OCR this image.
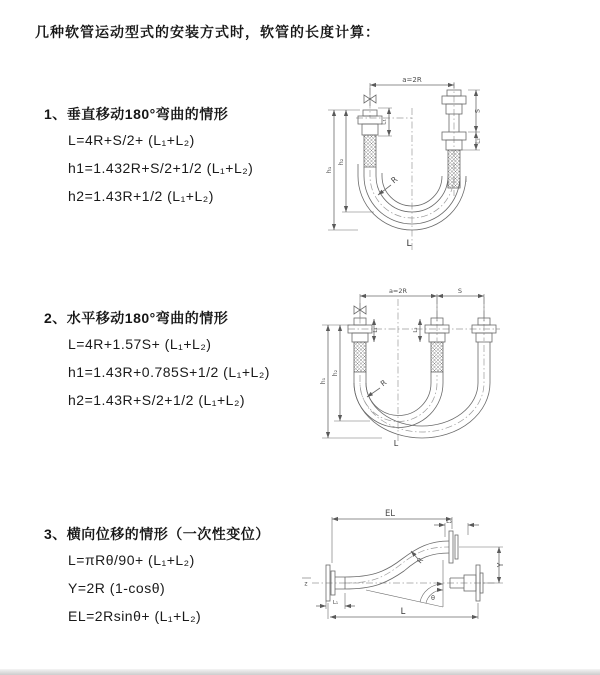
几种软管运动型式的安装方式时，软管的长度计算：
1、垂直移动180°弯曲的情形
L=4R+S/2+ (L₁+L₂)
h1=1.432R+S/2+1/2 (L₁+L₂)
h2=1.43R+1/2 (L₁+L₂)
2、水平移动180°弯曲的情形
L=4R+1.57S+ (L₁+L₂)
h1=1.43R+0.785S+1/2 (L₁+L₂)
h2=1.43R+S/2+1/2 (L₁+L₂)
3、横向位移的情形（一次性变位）
L=πRθ/90+ (L₁+L₂)
Y=2R (1-cosθ)
EL=2Rsinθ+ (L₁+L₂)
a=2R
h₁
h₂
L₁
S
L₂
R
L
a=2R	S
h₁
h₂
L₁	L₂
R
L
EL
L₂
Y
L
L₁
R
θ
z
